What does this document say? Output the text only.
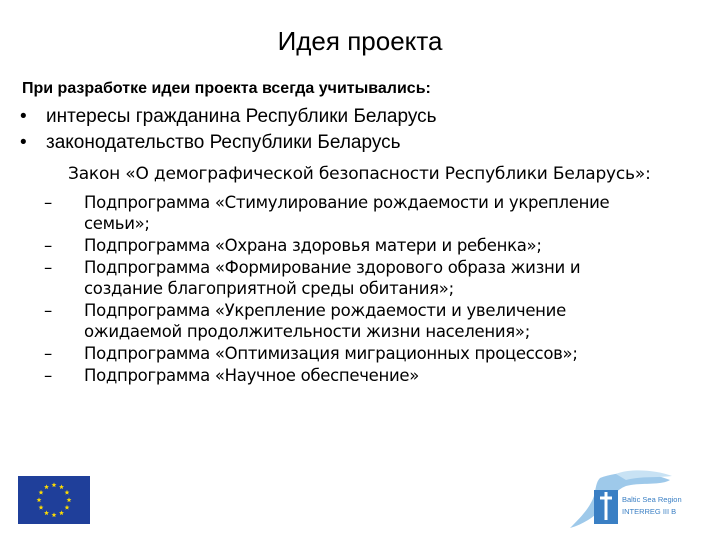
Идея проекта
При разработке идеи проекта всегда учитывались:
• интересы гражданина Республики Беларусь
• законодательство Республики Беларусь
Закон «О демографической безопасности Республики Беларусь»:
– Подпрограмма «Стимулирование рождаемости и укрепление
семьи»;
– Подпрограмма «Охрана здоровья матери и ребенка»;
– Подпрограмма «Формирование здорового образа жизни и
создание благоприятной среды обитания»;
– Подпрограмма «Укрепление рождаемости и увеличение
ожидаемой продолжительности жизни населения»;
– Подпрограмма «Оптимизация миграционных процессов»;
– Подпрограмма «Научное обеспечение»
Baltic Sea Region
INTERREG III B
